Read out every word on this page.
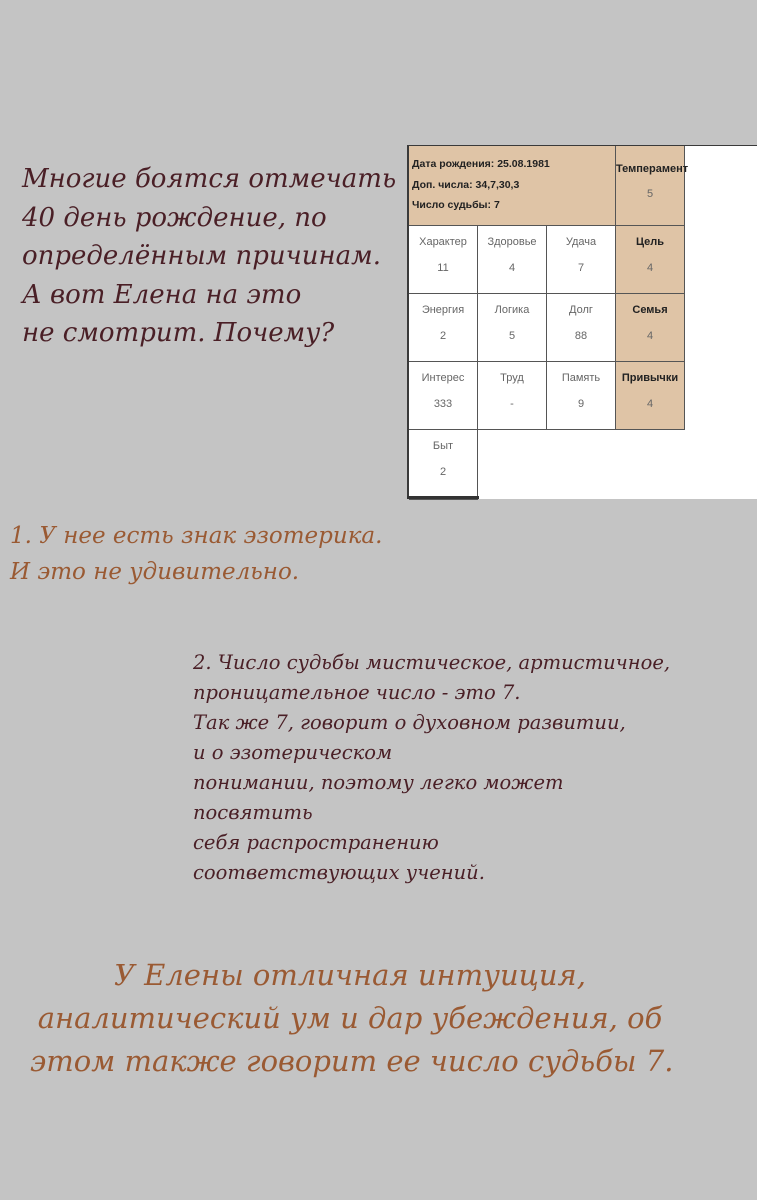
Многие боятся отмечать
40 день рождение, по
определённым причинам.
А вот Елена на это
не смотрит. Почему?
Дата рождения: 25.08.1981
Доп. числа: 34,7,30,3
Число судьбы: 7
Темперамент
5
Характер
11
Здоровье
4
Удача
7
Цель
4
Энергия
2
Логика
5
Долг
88
Семья
4
Интерес
333
Труд
-
Память
9
Привычки
4
Быт
2
1. У нее есть знак эзотерика.
И это не удивительно.
2. Число судьбы мистическое, артистичное,
проницательное число - это 7.
Так же 7, говорит о духовном развитии,
и о эзотерическом
понимании, поэтому легко может
посвятить
себя распространению
соответствующих учений.
У Елены отличная интуиция,
аналитический ум и дар убеждения, об
этом также говорит ее число судьбы 7.
